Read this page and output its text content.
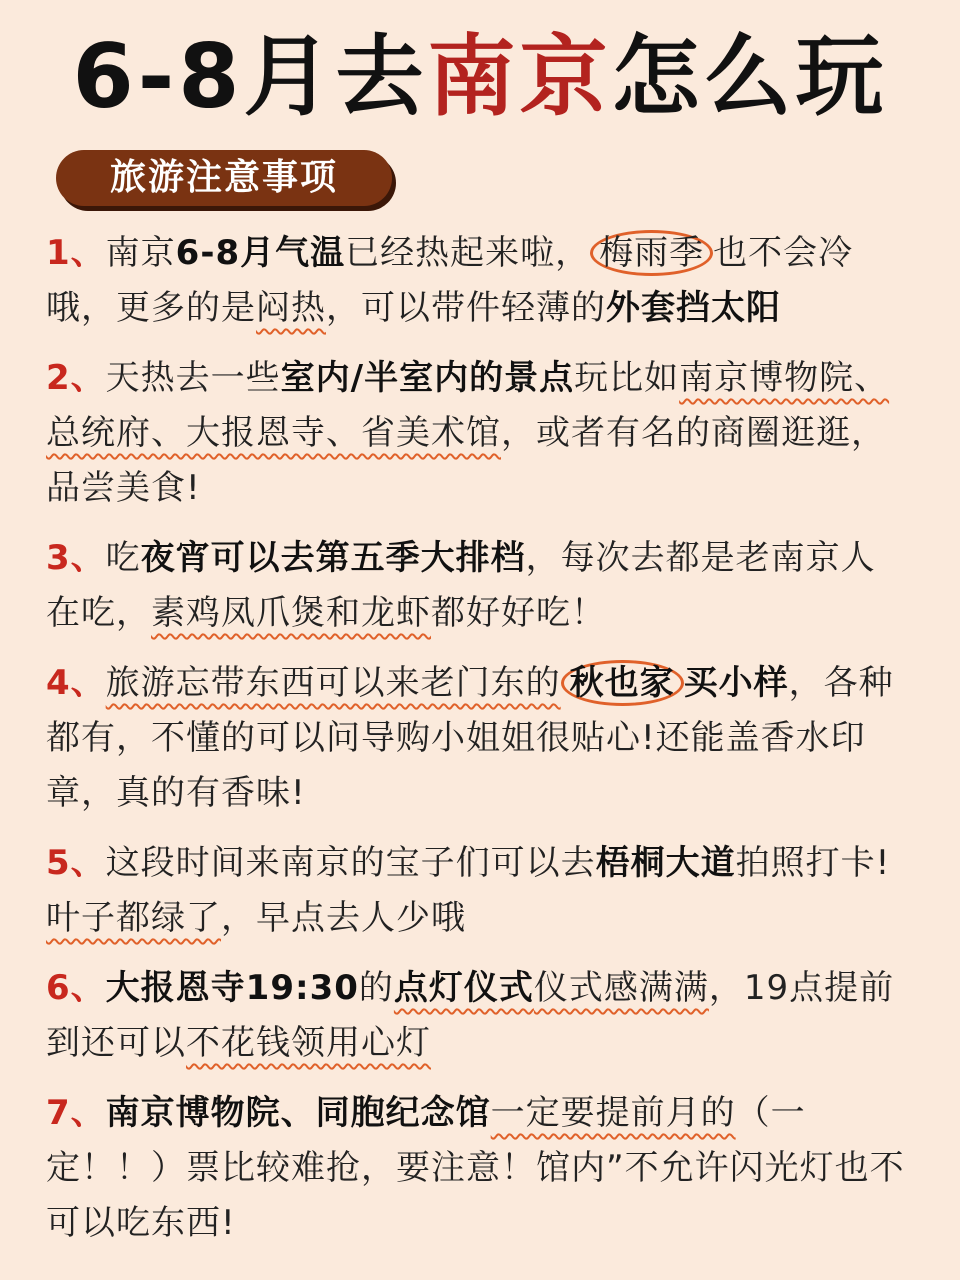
6-8月去南京怎么玩
旅游注意事项
1、南京6-8月气温已经热起来啦， 梅雨季 也不会冷哦，更多的是闷热，可以带件轻薄的外套挡太阳
2、天热去一些室内/半室内的景点玩比如南京博物院、总统府、大报恩寺、省美术馆，或者有名的商圈逛逛，品尝美食!
3、吃夜宵可以去第五季大排档，每次去都是老南京人在吃，素鸡凤爪煲和龙虾都好好吃！
4、旅游忘带东西可以来老门东的 秋也家 买小样，各种都有，不懂的可以问导购小姐姐很贴心!还能盖香水印章，真的有香味!
5、这段时间来南京的宝子们可以去梧桐大道拍照打卡!叶子都绿了，早点去人少哦
6、大报恩寺19:30的点灯仪式仪式感满满，19点提前到还可以不花钱领用心灯
7、南京博物院、同胞纪念馆一定要提前月的（一定！！）票比较难抢，要注意！馆内”不允许闪光灯也不可以吃东西!
